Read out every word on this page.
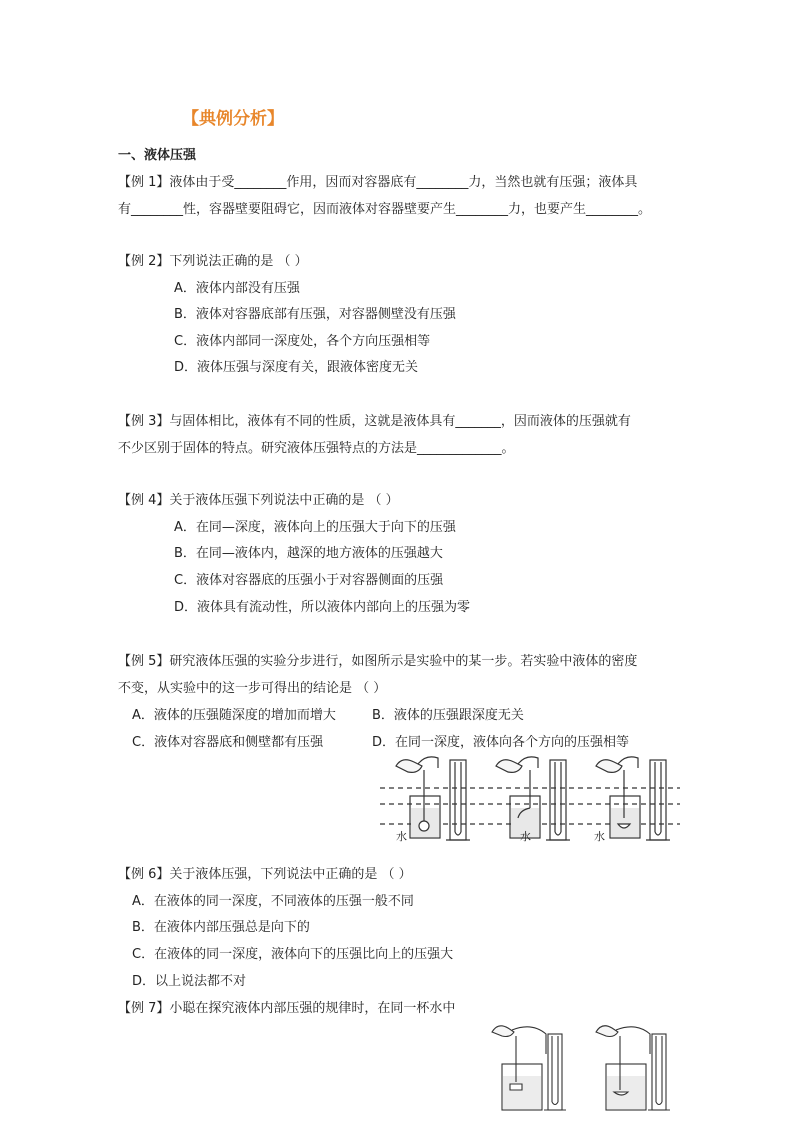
【典例分析】
一、液体压强
【例 1】液体由于受________作用，因而对容器底有________力，当然也就有压强；液体具
有________性，容器壁要阻碍它，因而液体对容器壁要产生________力，也要产生________。
【例 2】下列说法正确的是 （ ）
A．液体内部没有压强
B．液体对容器底部有压强，对容器侧壁没有压强
C．液体内部同一深度处，各个方向压强相等
D．液体压强与深度有关，跟液体密度无关
【例 3】与固体相比，液体有不同的性质，这就是液体具有_______，因而液体的压强就有
不少区别于固体的特点。研究液体压强特点的方法是_____________。
【例 4】关于液体压强下列说法中正确的是 （ ）
A．在同—深度，液体向上的压强大于向下的压强
B．在同—液体内，越深的地方液体的压强越大
C．液体对容器底的压强小于对容器侧面的压强
D．液体具有流动性，所以液体内部向上的压强为零
【例 5】研究液体压强的实验分步进行，如图所示是实验中的某一步。若实验中液体的密度
不变，从实验中的这一步可得出的结论是 （ ）
A．液体的压强随深度的增加而增大	B．液体的压强跟深度无关
C．液体对容器底和侧壁都有压强	D．在同一深度，液体向各个方向的压强相等
水	水	水
【例 6】关于液体压强，下列说法中正确的是 （ ）
A．在液体的同一深度，不同液体的压强一般不同
B．在液体内部压强总是向下的
C．在液体的同一深度，液体向下的压强比向上的压强大
D．以上说法都不对
【例 7】小聪在探究液体内部压强的规律时，在同一杯水中
